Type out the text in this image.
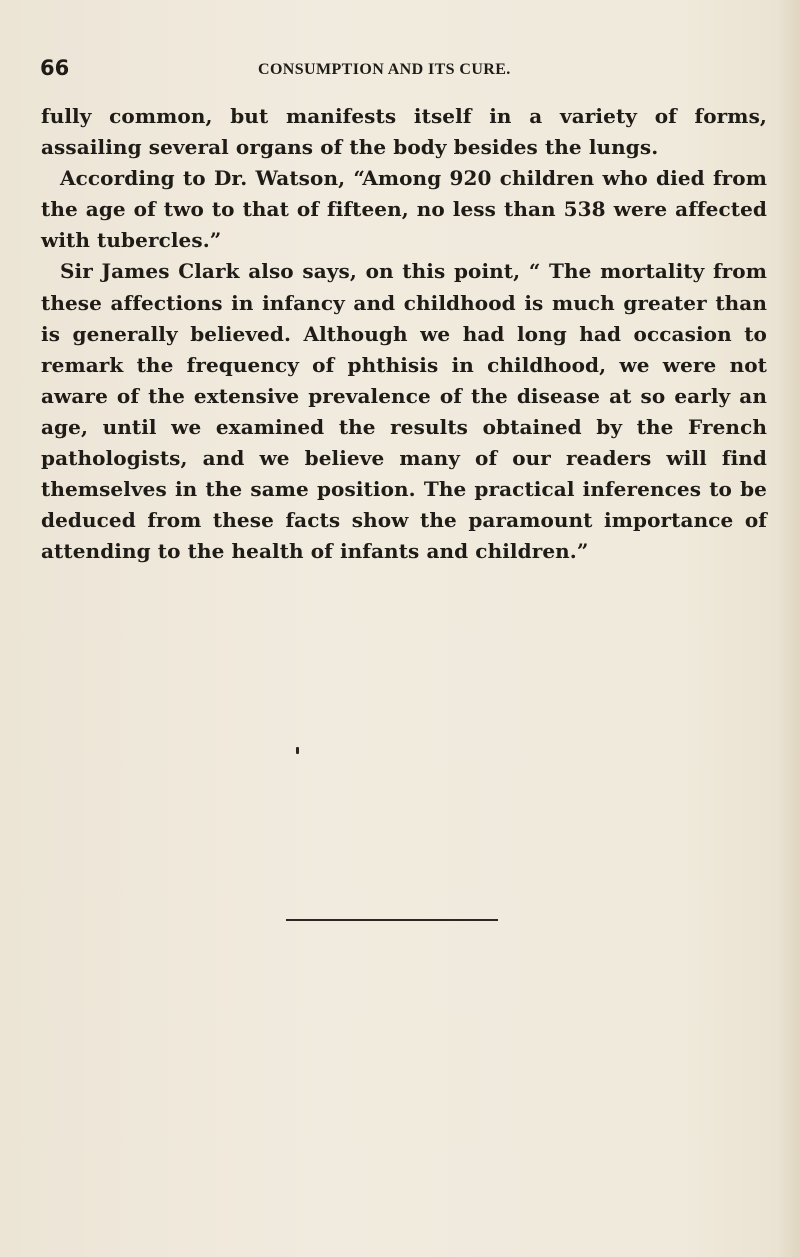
66	CONSUMPTION AND ITS CURE.

fully common, but manifests itself in a variety of forms, assailing several organs of the body besides the lungs.

According to Dr. Watson, “Among 920 children who died from the age of two to that of fifteen, no less than 538 were affected with tubercles.”

Sir James Clark also says, on this point, “ The mortality from these affections in infancy and childhood is much greater than is generally believed. Although we had long had occasion to remark the frequency of phthisis in childhood, we were not aware of the extensive prevalence of the disease at so early an age, until we examined the results obtained by the French pathologists, and we believe many of our readers will find themselves in the same position. The practical inferences to be deduced from these facts show the paramount importance of attending to the health of infants and children.”
